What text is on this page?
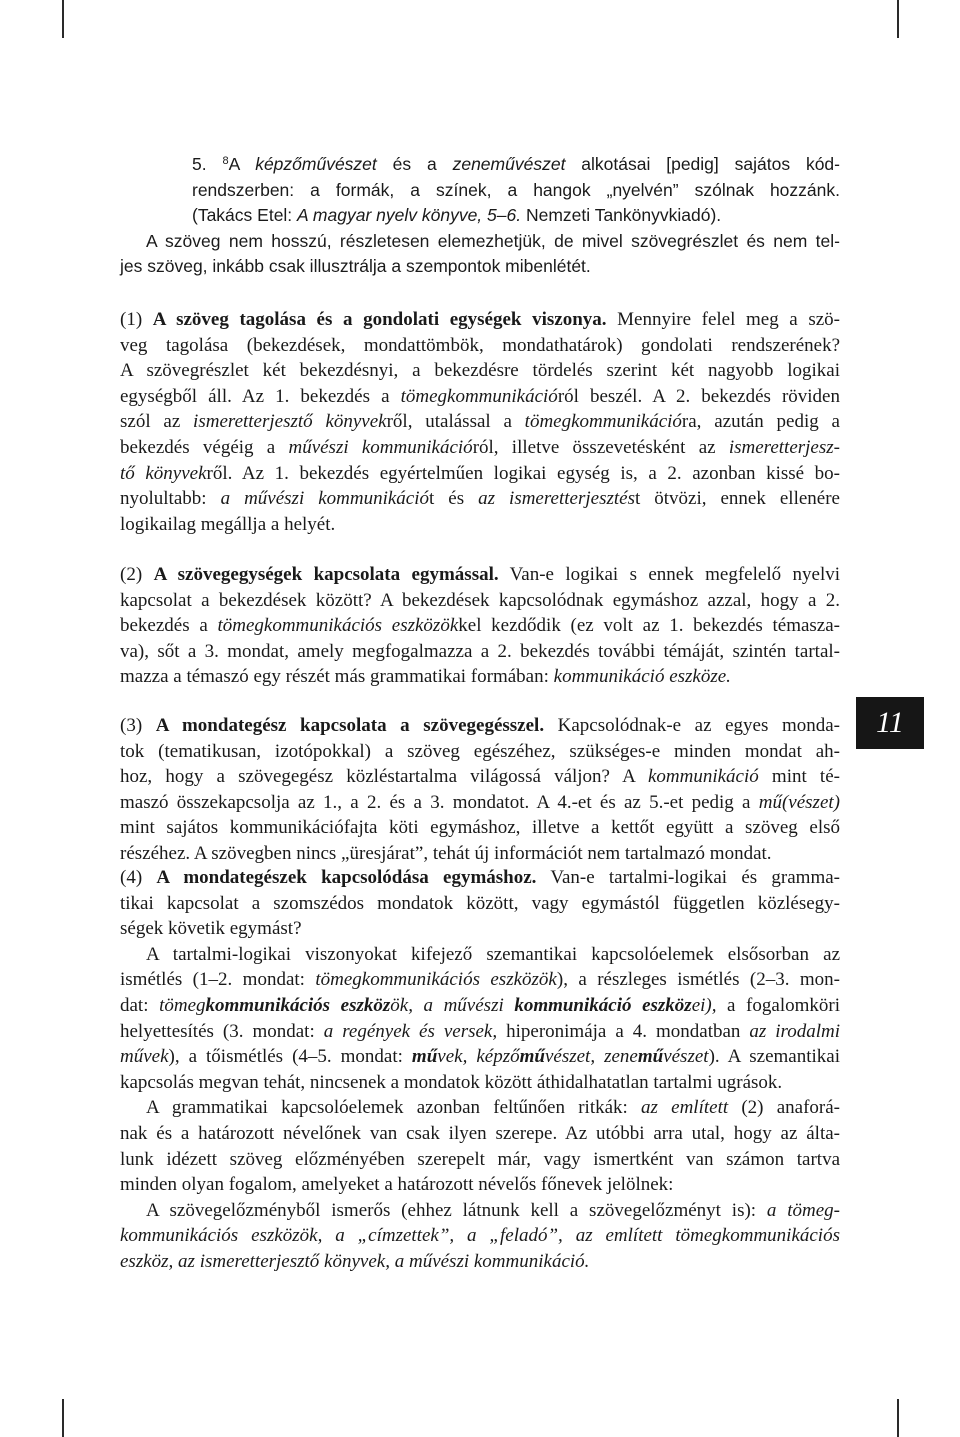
11
5. $^8$A képzőművészet és a zeneművészet alkotásai [pedig] sajátos kód-
rendszerben: a formák, a színek, a hangok „nyelvén” szólnak hozzánk.
(Takács Etel: A magyar nyelv könyve, 5–6. Nemzeti Tankönyvkiadó).
A szöveg nem hosszú, részletesen elemezhetjük, de mivel szövegrészlet és nem tel-
jes szöveg, inkább csak illusztrálja a szempontok mibenlétét.
(1) A szöveg tagolása és a gondolati egységek viszonya. Mennyire felel meg a szö-
veg tagolása (bekezdések, mondattömbök, mondathatárok) gondolati rendszerének?
A szövegrészlet két bekezdésnyi, a bekezdésre tördelés szerint két nagyobb logikai
egységből áll. Az 1. bekezdés a tömegkommunikációról beszél. A 2. bekezdés röviden
szól az ismeretterjesztő könyvekről, utalással a tömegkommunikációra, azután pedig a
bekezdés végéig a művészi kommunikációról, illetve összevetésként az ismeretterjesz-
tő könyvekről. Az 1. bekezdés egyértelműen logikai egység is, a 2. azonban kissé bo-
nyolultabb: a művészi kommunikációt és az ismeretterjesztést ötvözi, ennek ellenére
logikailag megállja a helyét.
(2) A szövegegységek kapcsolata egymással. Van-e logikai s ennek megfelelő nyelvi
kapcsolat a bekezdések között? A bekezdések kapcsolódnak egymáshoz azzal, hogy a 2.
bekezdés a tömegkommunikációs eszközökkel kezdődik (ez volt az 1. bekezdés témasza-
va), sőt a 3. mondat, amely megfogalmazza a 2. bekezdés további témáját, szintén tartal-
mazza a témaszó egy részét más grammatikai formában: kommunikáció eszköze.
(3) A mondategész kapcsolata a szövegegésszel. Kapcsolódnak-e az egyes monda-
tok (tematikusan, izotópokkal) a szöveg egészéhez, szükséges-e minden mondat ah-
hoz, hogy a szövegegész közléstartalma világossá váljon? A kommunikáció mint té-
maszó összekapcsolja az 1., a 2. és a 3. mondatot. A 4.-et és az 5.-et pedig a mű(vészet)
mint sajátos kommunikációfajta köti egymáshoz, illetve a kettőt együtt a szöveg első
részéhez. A szövegben nincs „üresjárat”, tehát új információt nem tartalmazó mondat.
(4) A mondategészek kapcsolódása egymáshoz. Van-e tartalmi-logikai és gramma-
tikai kapcsolat a szomszédos mondatok között, vagy egymástól független közlésegy-
ségek követik egymást?
A tartalmi-logikai viszonyokat kifejező szemantikai kapcsolóelemek elsősorban az
ismétlés (1–2. mondat: tömegkommunikációs eszközök), a részleges ismétlés (2–3. mon-
dat: tömegkommunikációs eszközök, a művészi kommunikáció eszközei), a fogalomköri
helyettesítés (3. mondat: a regények és versek, hiperonimája a 4. mondatban az irodalmi
művek), a tőismétlés (4–5. mondat: művek, képzőművészet, zeneművészet). A szemantikai
kapcsolás megvan tehát, nincsenek a mondatok között áthidalhatatlan tartalmi ugrások.
A grammatikai kapcsolóelemek azonban feltűnően ritkák: az említett (2) anaforá-
nak és a határozott névelőnek van csak ilyen szerepe. Az utóbbi arra utal, hogy az álta-
lunk idézett szöveg előzményében szerepelt már, vagy ismertként van számon tartva
minden olyan fogalom, amelyeket a határozott névelős főnevek jelölnek:
A szövegelőzményből ismerős (ehhez látnunk kell a szövegelőzményt is): a tömeg-
kommunikációs eszközök, a „címzettek”, a „feladó”, az említett tömegkommunikációs
eszköz, az ismeretterjesztő könyvek, a művészi kommunikáció.
